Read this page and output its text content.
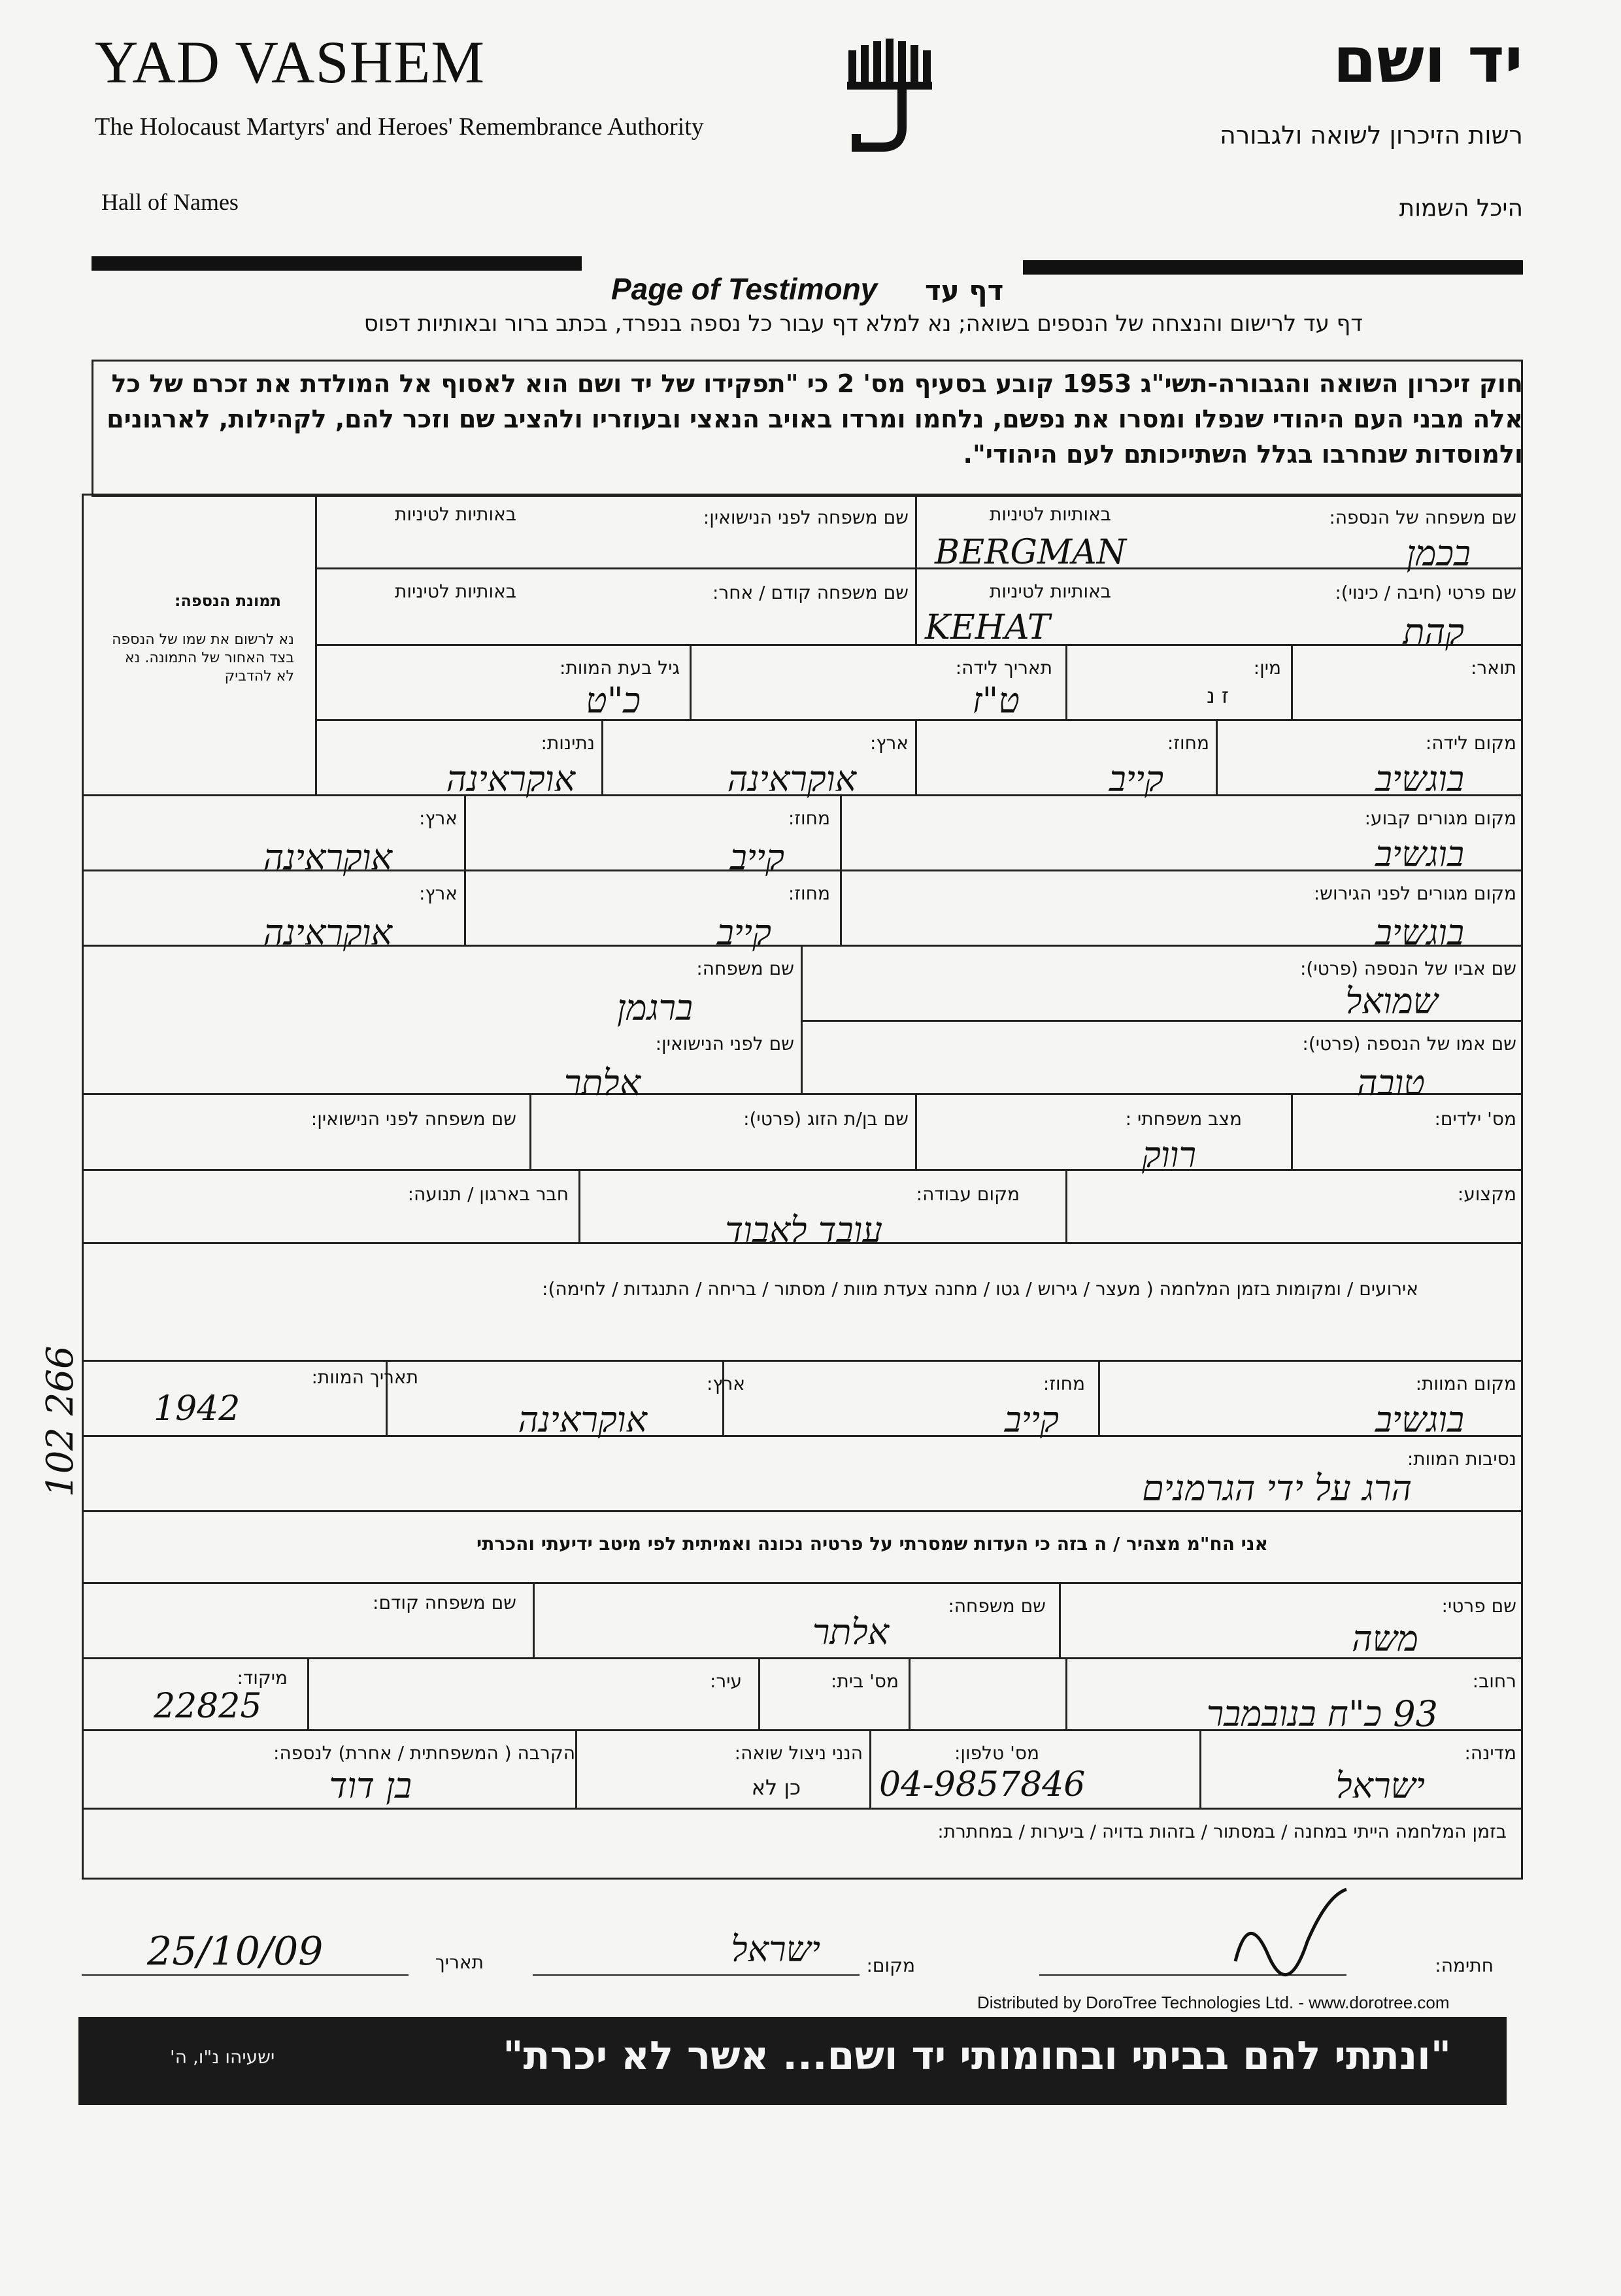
YAD VASHEM
The Holocaust Martyrs' and Heroes' Remembrance Authority
Hall of Names
יד ושם
רשות הזיכרון לשואה ולגבורה
היכל השמות
Page of Testimony דף עד
דף עד לרישום והנצחה של הנספים בשואה; נא למלא דף עבור כל נספה בנפרד, בכתב ברור ובאותיות דפוס
חוק זיכרון השואה והגבורה-תשי"ג 1953 קובע בסעיף מס' 2 כי "תפקידו של יד ושם הוא לאסוף אל המולדת את זכרם של כל אלה מבני העם היהודי שנפלו ומסרו את נפשם, נלחמו ומרדו באויב הנאצי ובעוזריו ולהציב שם וזכר להם, לקהילות, לארגונים ולמוסדות שנחרבו בגלל השתייכותם לעם היהודי".
תמונת הנספה:
נא לרשום את שמו של הנספה בצד האחור של התמונה. נא לא להדביק
שם משפחה של הנספה:
באותיות לטיניות
שם משפחה לפני הנישואין:
באותיות לטיניות
בכמן
BERGMAN
שם פרטי (חיבה / כינוי):
באותיות לטיניות
שם משפחה קודם / אחר:
באותיות לטיניות
קהת
KEHAT
תואר:
מין:
ז נ
תאריך לידה:
גיל בעת המוות:
ט"ז
כ"ט
מקום לידה:
מחוז:
ארץ:
נתינות:
בוגשיב
קייב
אוקראינה
אוקראינה
מקום מגורים קבוע:
מחוז:
ארץ:
בוגשיב
קייב
אוקראינה
מקום מגורים לפני הגירוש:
מחוז:
ארץ:
בוגשיב
קייב
אוקראינה
שם אביו של הנספה (פרטי):
שם משפחה:
שמואל
ברגמן
שם אמו של הנספה (פרטי):
שם לפני הנישואין:
טובה
אלתר
מס' ילדים:
מצב משפחתי :
שם בן/ת הזוג (פרטי):
שם משפחה לפני הנישואין:
רווק
מקצוע:
מקום עבודה:
חבר בארגון / תנועה:
עובד לאבוד
אירועים / ומקומות בזמן המלחמה ( מעצר / גירוש / גטו / מחנה צעדת מוות / מסתור / בריחה / התנגדות / לחימה):
מקום המוות:
מחוז:
ארץ:
תאריך המוות:
בוגשיב
קייב
אוקראינה
1942
נסיבות המוות:
הרג על ידי הגרמנים
אני הח"מ מצהיר / ה בזה כי העדות שמסרתי על פרטיה נכונה ואמיתית לפי מיטב ידיעתי והכרתי
שם פרטי:
שם משפחה:
שם משפחה קודם:
משה
אלתר
רחוב:
מס' בית:
עיר:
מיקוד:
93 כ"ח בנובמבר
22825
מדינה:
מס' טלפון:
הנני ניצול שואה:
כן לא
הקרבה ( המשפחתית / אחרת) לנספה:
ישראל
04-9857846
בן דוד
בזמן המלחמה הייתי במחנה / במסתור / בזהות בדויה / ביערות / במחתרת:
חתימה:
מקום:
ישראל
תאריך
25/10/09
102 266
Distributed by DoroTree Technologies Ltd. - www.dorotree.com
"ונתתי להם בביתי ובחומותי יד ושם... אשר לא יכרת"
ישעיהו נ"ו, ה'
